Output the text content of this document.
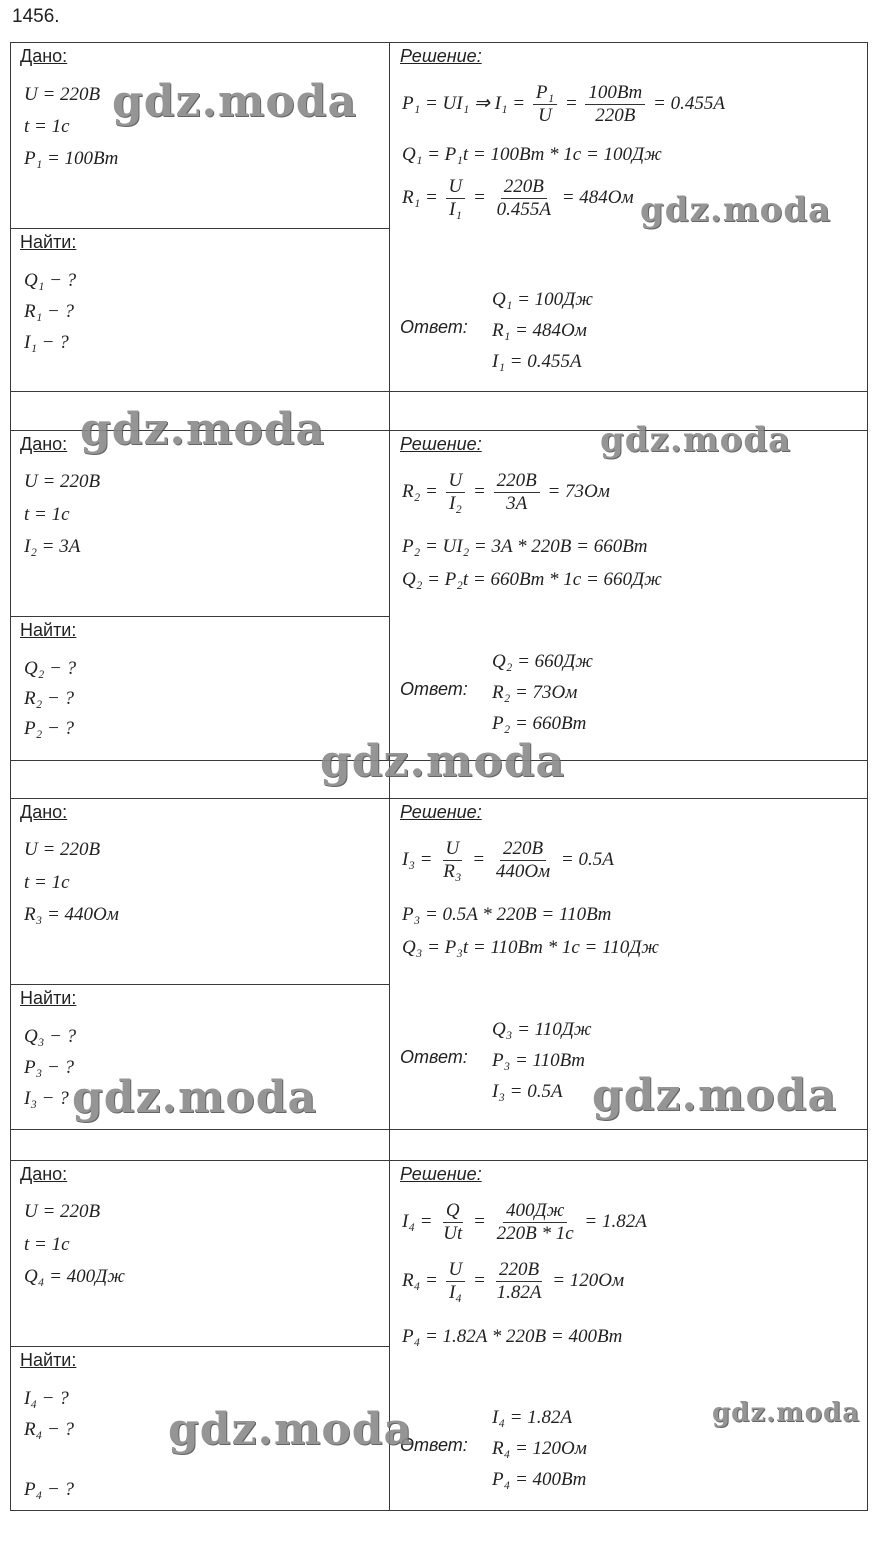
1456.
Дано:
U = 220B
t = 1c
P₁ = 100Bт
Найти:
Q₁ − ?
R₁ − ?
I₁ − ?
Решение:
P₁ = UI₁ ⇒ $I_1 = \frac{\text{P₁}}{U} = \frac{100Bт}{220B} = 0.455A$
Q₁ = P₁t = 100Bт * 1c = 100Дж
$R_1 = \frac{U}{\text{I₁}} = \frac{220B}{0.455A} = 484Ом$
Ответ:
Q₁ = 100Дж
R₁ = 484Ом
I₁ = 0.455A
Дано:
U = 220B
t = 1c
I₂ = 3A
Найти:
Q₂ − ?
R₂ − ?
P₂ − ?
Решение:
$R_2 = \frac{U}{\text{I₂}} = \frac{220B}{3A} = 73Ом$
P₂ = UI₂ = 3A * 220B = 660Bт
Q₂ = P₂t = 660Bт * 1c = 660Дж
Ответ:
Q₂ = 660Дж
R₂ = 73Ом
P₂ = 660Bт
Дано:
U = 220B
t = 1c
R₃ = 440Ом
Найти:
Q₃ − ?
P₃ − ?
I₃ − ?
Решение:
$I_3 = \frac{U}{\text{R₃}} = \frac{220B}{440Ом} = 0.5A$
P₃ = 0.5A * 220B = 110Bт
Q₃ = P₃t = 110Bт * 1c = 110Дж
Ответ:
Q₃ = 110Дж
P₃ = 110Bт
I₃ = 0.5A
Дано:
U = 220B
t = 1c
Q₄ = 400Дж
Найти:
I₄ − ?
R₄ − ?
P₄ − ?
Решение:
$I_4 = \frac{Q}{Ut} = \frac{400Дж}{220B * 1c} = 1.82A$
$R_4 = \frac{U}{\text{I₄}} = \frac{220B}{1.82A} = 120Ом$
P₄ = 1.82A * 220B = 400Bт
Ответ:
I₄ = 1.82A
R₄ = 120Ом
P₄ = 400Bт
gdz.moda
gdz.moda
gdz.moda	gdz.moda
gdz.moda
gdz.moda	gdz.moda
gdz.moda	gdz.moda
